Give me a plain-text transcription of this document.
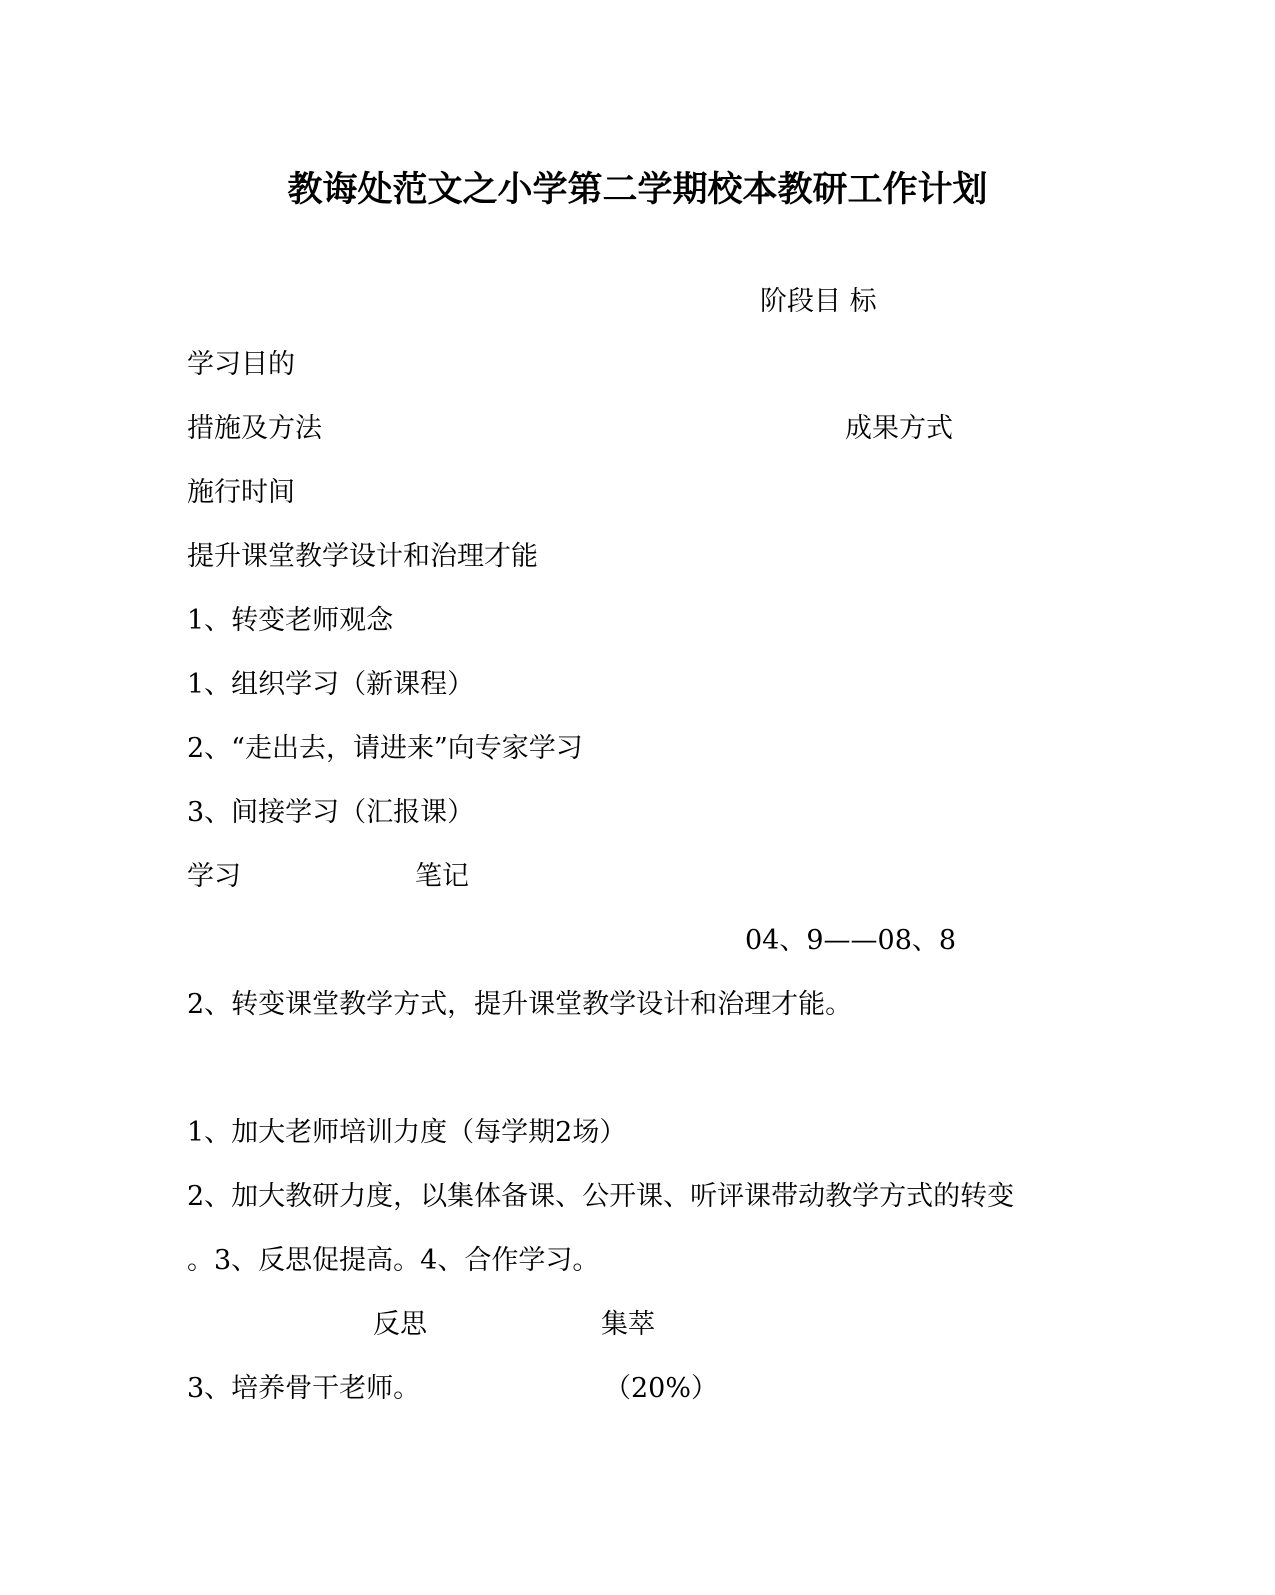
教诲处范文之小学第二学期校本教研工作计划
阶段目 标
学习目的
措施及方法	成果方式
施行时间
提升课堂教学设计和治理才能
1、转变老师观念
1、组织学习（新课程）
2、“走出去，请进来”向专家学习
3、间接学习（汇报课）
学习	笔记
04、9——08、8
2、转变课堂教学方式，提升课堂教学设计和治理才能。
1、加大老师培训力度（每学期2场）
2、加大教研力度，以集体备课、公开课、听评课带动教学方式的转变
。3、反思促提高。4、合作学习。
反思	集萃
3、培养骨干老师。	（20%）
